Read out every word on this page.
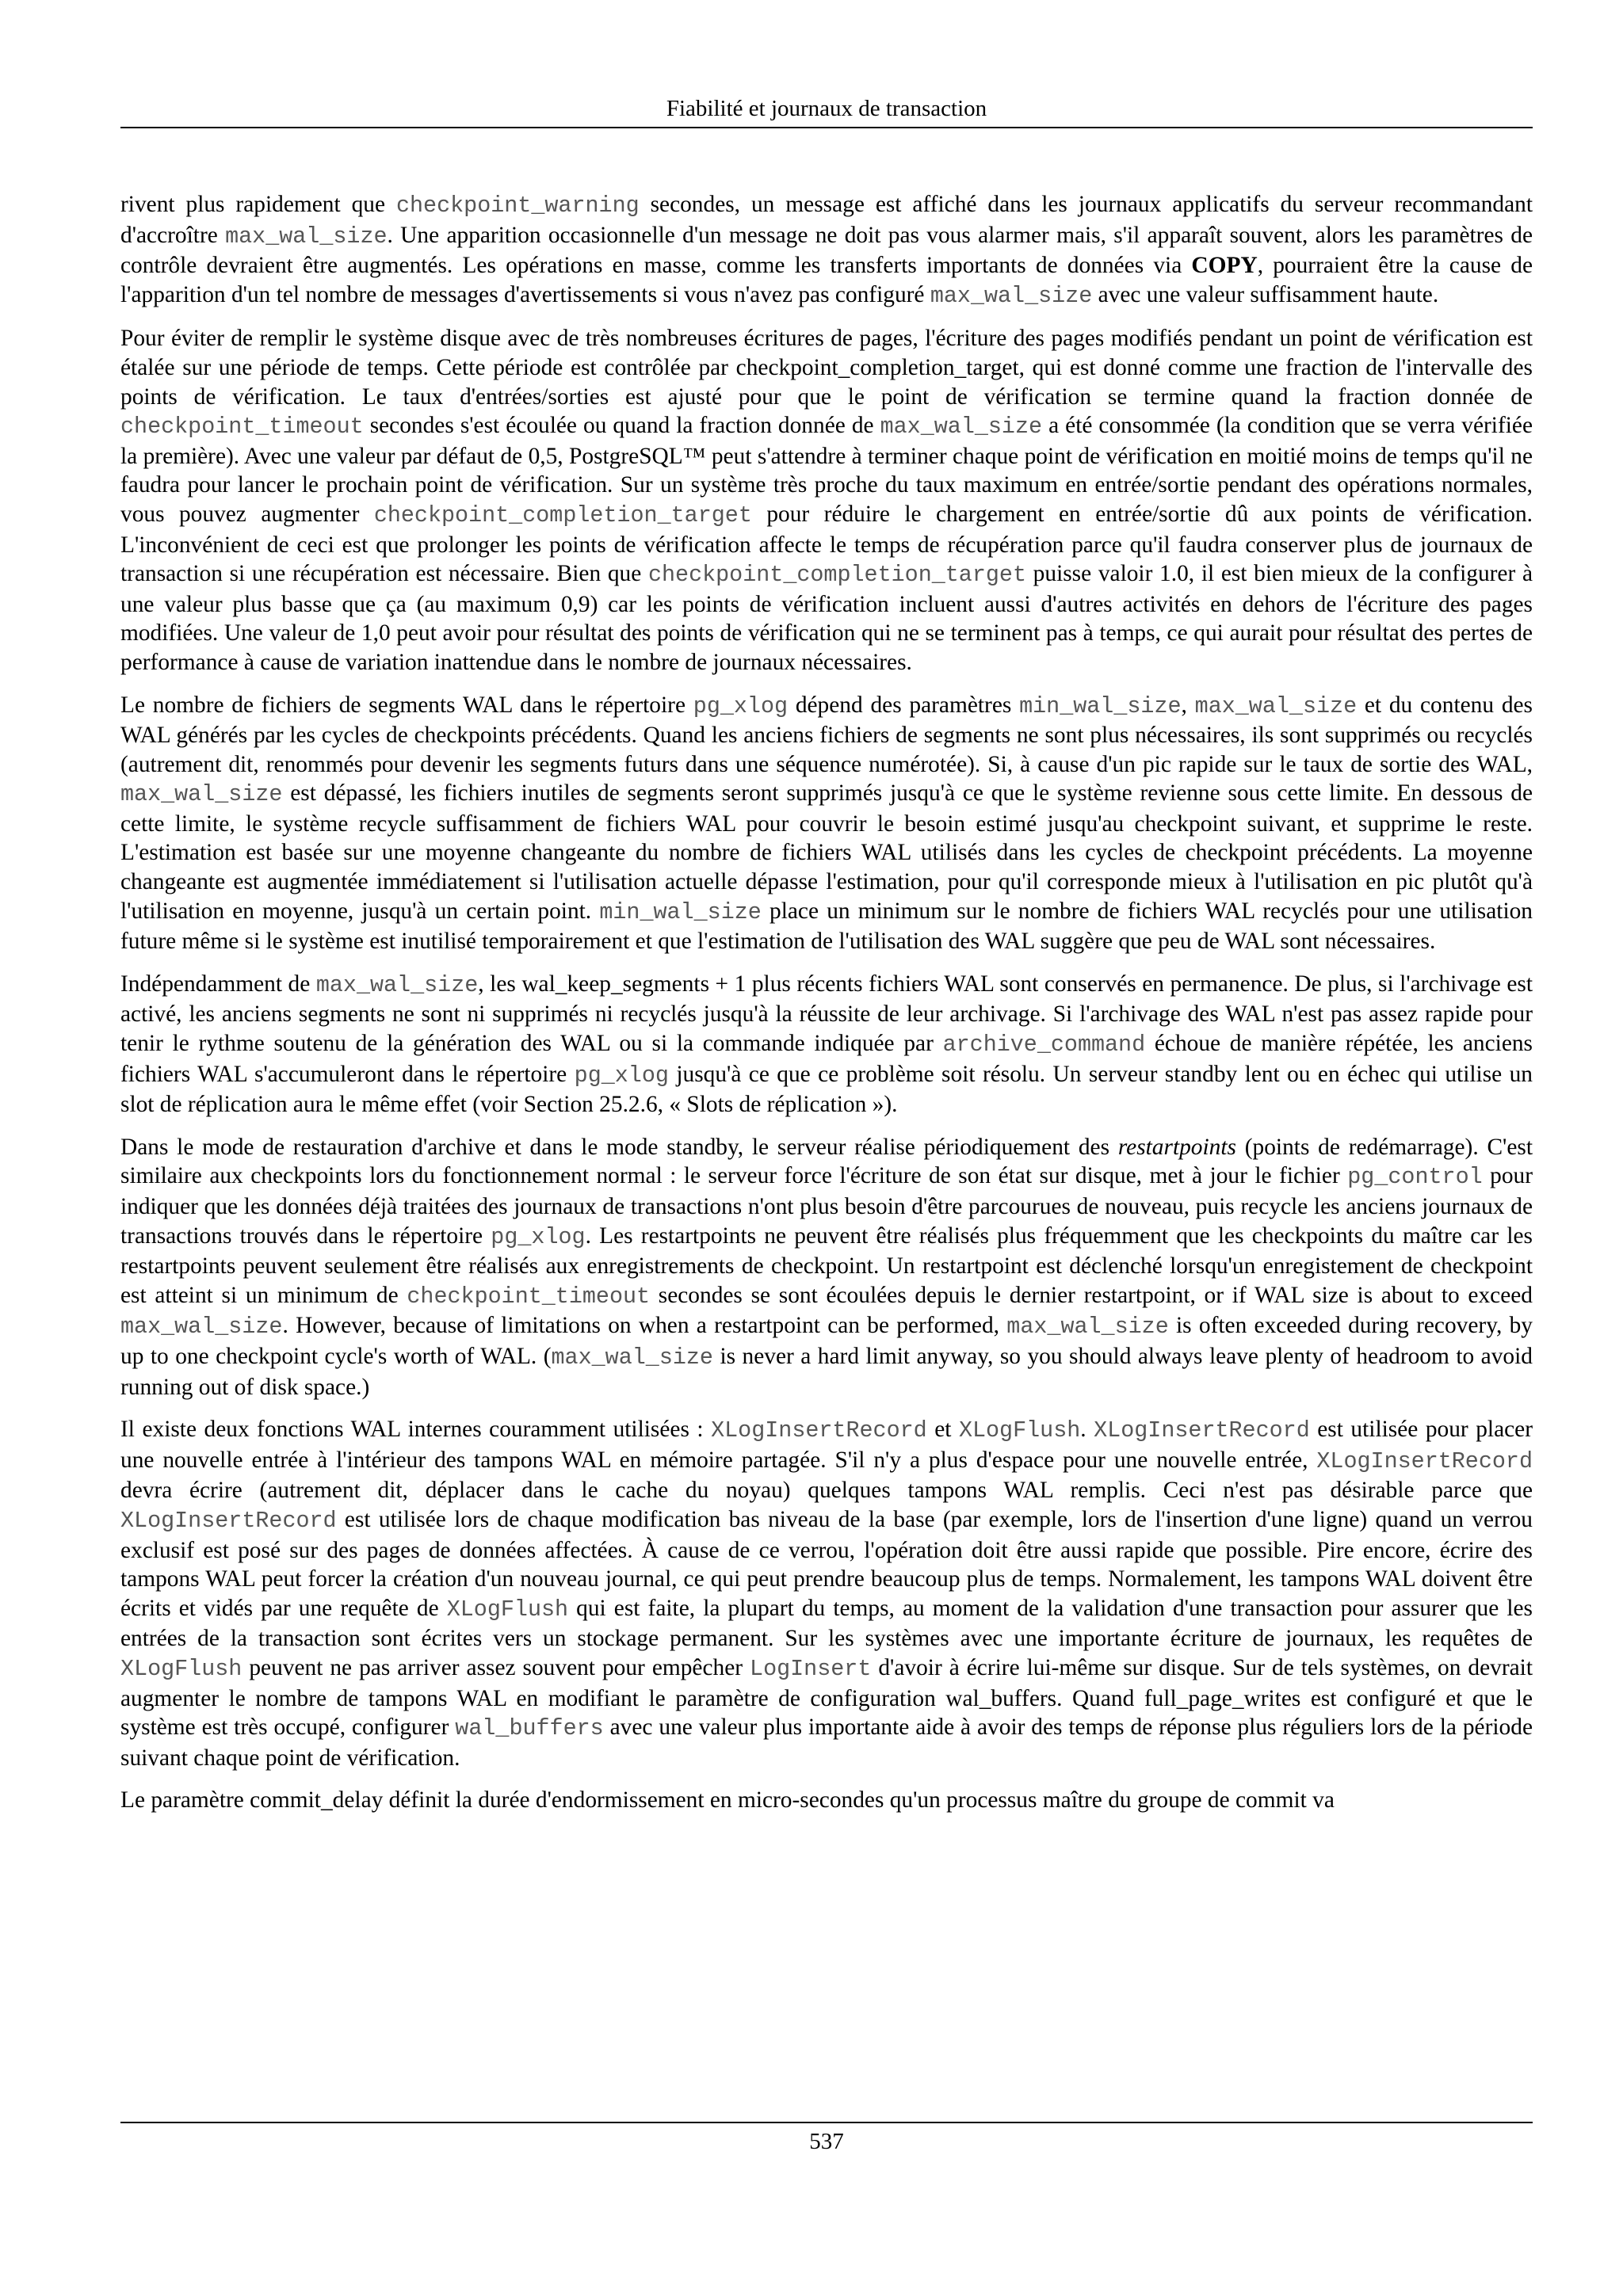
Fiabilité et journaux de transaction

rivent plus rapidement que checkpoint_warning secondes, un message est affiché dans les journaux applicatifs du serveur recommandant d'accroître max_wal_size. Une apparition occasionnelle d'un message ne doit pas vous alarmer mais, s'il apparaît souvent, alors les paramètres de contrôle devraient être augmentés. Les opérations en masse, comme les transferts importants de données via COPY, pourraient être la cause de l'apparition d'un tel nombre de messages d'avertissements si vous n'avez pas configuré max_wal_size avec une valeur suffisamment haute.

Pour éviter de remplir le système disque avec de très nombreuses écritures de pages, l'écriture des pages modifiés pendant un point de vérification est étalée sur une période de temps. Cette période est contrôlée par checkpoint_completion_target, qui est donné comme une fraction de l'intervalle des points de vérification. Le taux d'entrées/sorties est ajusté pour que le point de vérification se termine quand la fraction donnée de checkpoint_timeout secondes s'est écoulée ou quand la fraction donnée de max_wal_size a été consommée (la condition que se verra vérifiée la première). Avec une valeur par défaut de 0,5, PostgreSQL™ peut s'attendre à terminer chaque point de vérification en moitié moins de temps qu'il ne faudra pour lancer le prochain point de vérification. Sur un système très proche du taux maximum en entrée/sortie pendant des opérations normales, vous pouvez augmenter checkpoint_completion_target pour réduire le chargement en entrée/sortie dû aux points de vérification. L'inconvénient de ceci est que prolonger les points de vérification affecte le temps de récupération parce qu'il faudra conserver plus de journaux de transaction si une récupération est nécessaire. Bien que checkpoint_completion_target puisse valoir 1.0, il est bien mieux de la configurer à une valeur plus basse que ça (au maximum 0,9) car les points de vérification incluent aussi d'autres activités en dehors de l'écriture des pages modifiées. Une valeur de 1,0 peut avoir pour résultat des points de vérification qui ne se terminent pas à temps, ce qui aurait pour résultat des pertes de performance à cause de variation inattendue dans le nombre de journaux nécessaires.

Le nombre de fichiers de segments WAL dans le répertoire pg_xlog dépend des paramètres min_wal_size, max_wal_size et du contenu des WAL générés par les cycles de checkpoints précédents. Quand les anciens fichiers de segments ne sont plus nécessaires, ils sont supprimés ou recyclés (autrement dit, renommés pour devenir les segments futurs dans une séquence numérotée). Si, à cause d'un pic rapide sur le taux de sortie des WAL, max_wal_size est dépassé, les fichiers inutiles de segments seront supprimés jusqu'à ce que le système revienne sous cette limite. En dessous de cette limite, le système recycle suffisamment de fichiers WAL pour couvrir le besoin estimé jusqu'au checkpoint suivant, et supprime le reste. L'estimation est basée sur une moyenne changeante du nombre de fichiers WAL utilisés dans les cycles de checkpoint précédents. La moyenne changeante est augmentée immédiatement si l'utilisation actuelle dépasse l'estimation, pour qu'il corresponde mieux à l'utilisation en pic plutôt qu'à l'utilisation en moyenne, jusqu'à un certain point. min_wal_size place un minimum sur le nombre de fichiers WAL recyclés pour une utilisation future même si le système est inutilisé temporairement et que l'estimation de l'utilisation des WAL suggère que peu de WAL sont nécessaires.

Indépendamment de max_wal_size, les wal_keep_segments + 1 plus récents fichiers WAL sont conservés en permanence. De plus, si l'archivage est activé, les anciens segments ne sont ni supprimés ni recyclés jusqu'à la réussite de leur archivage. Si l'archivage des WAL n'est pas assez rapide pour tenir le rythme soutenu de la génération des WAL ou si la commande indiquée par archive_command échoue de manière répétée, les anciens fichiers WAL s'accumuleront dans le répertoire pg_xlog jusqu'à ce que ce problème soit résolu. Un serveur standby lent ou en échec qui utilise un slot de réplication aura le même effet (voir Section 25.2.6, « Slots de réplication »).

Dans le mode de restauration d'archive et dans le mode standby, le serveur réalise périodiquement des restartpoints (points de redémarrage). C'est similaire aux checkpoints lors du fonctionnement normal : le serveur force l'écriture de son état sur disque, met à jour le fichier pg_control pour indiquer que les données déjà traitées des journaux de transactions n'ont plus besoin d'être parcourues de nouveau, puis recycle les anciens journaux de transactions trouvés dans le répertoire pg_xlog. Les restartpoints ne peuvent être réalisés plus fréquemment que les checkpoints du maître car les restartpoints peuvent seulement être réalisés aux enregistrements de checkpoint. Un restartpoint est déclenché lorsqu'un enregistement de checkpoint est atteint si un minimum de checkpoint_timeout secondes se sont écoulées depuis le dernier restartpoint, or if WAL size is about to exceed max_wal_size. However, because of limitations on when a restartpoint can be performed, max_wal_size is often exceeded during recovery, by up to one checkpoint cycle's worth of WAL. (max_wal_size is never a hard limit anyway, so you should always leave plenty of headroom to avoid running out of disk space.)

Il existe deux fonctions WAL internes couramment utilisées : XLogInsertRecord et XLogFlush. XLogInsertRecord est utilisée pour placer une nouvelle entrée à l'intérieur des tampons WAL en mémoire partagée. S'il n'y a plus d'espace pour une nouvelle entrée, XLogInsertRecord devra écrire (autrement dit, déplacer dans le cache du noyau) quelques tampons WAL remplis. Ceci n'est pas désirable parce que XLogInsertRecord est utilisée lors de chaque modification bas niveau de la base (par exemple, lors de l'insertion d'une ligne) quand un verrou exclusif est posé sur des pages de données affectées. À cause de ce verrou, l'opération doit être aussi rapide que possible. Pire encore, écrire des tampons WAL peut forcer la création d'un nouveau journal, ce qui peut prendre beaucoup plus de temps. Normalement, les tampons WAL doivent être écrits et vidés par une requête de XLogFlush qui est faite, la plupart du temps, au moment de la validation d'une transaction pour assurer que les entrées de la transaction sont écrites vers un stockage permanent. Sur les systèmes avec une importante écriture de journaux, les requêtes de XLogFlush peuvent ne pas arriver assez souvent pour empêcher LogInsert d'avoir à écrire lui-même sur disque. Sur de tels systèmes, on devrait augmenter le nombre de tampons WAL en modifiant le paramètre de configuration wal_buffers. Quand full_page_writes est configuré et que le système est très occupé, configurer wal_buffers avec une valeur plus importante aide à avoir des temps de réponse plus réguliers lors de la période suivant chaque point de vérification.

Le paramètre commit_delay définit la durée d'endormissement en micro-secondes qu'un processus maître du groupe de commit va

537
